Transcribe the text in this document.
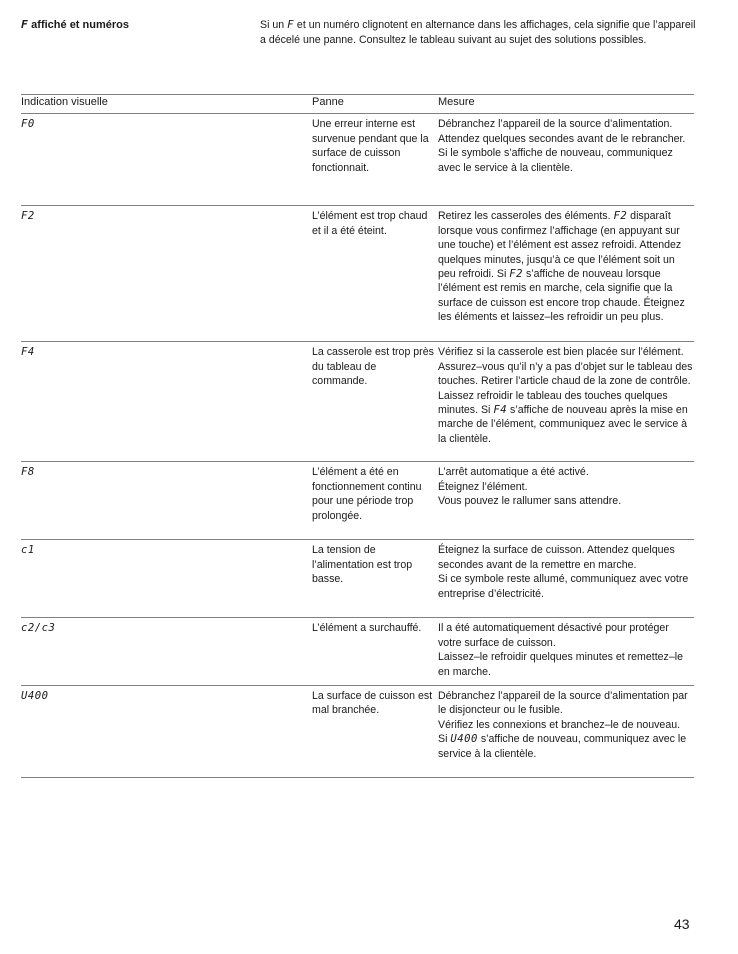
F affiché et numéros	Si un F et un numéro clignotent en alternance dans les affichages, cela signifie que l’appareil a décelé une panne. Consultez le tableau suivant au sujet des solutions possibles.
Indication visuelle	Panne	Mesure
F0	Une erreur interne est survenue pendant que la surface de cuisson fonctionnait.	Débranchez l’appareil de la source d’alimentation. Attendez quelques secondes avant de le rebrancher.
Si le symbole s’affiche de nouveau, communiquez avec le service à la clientèle.

F2	L’élément est trop chaud et il a été éteint.	Retirez les casseroles des éléments. F2 disparaît lorsque vous confirmez l’affichage (en appuyant sur une touche) et l’élément est assez refroidi. Attendez quelques minutes, jusqu’à ce que l’élément soit un peu refroidi. Si F2 s’affiche de nouveau lorsque l’élément est remis en marche, cela signifie que la surface de cuisson est encore trop chaude. Éteignez les éléments et laissez–les refroidir un peu plus.

F4	La casserole est trop près du tableau de commande.	Vérifiez si la casserole est bien placée sur l’élément. Assurez–vous qu’il n’y a pas d’objet sur le tableau des touches. Retirer l’article chaud de la zone de contrôle. Laissez refroidir le tableau des touches quelques minutes. Si F4 s’affiche de nouveau après la mise en marche de l’élément, communiquez avec le service à la clientèle.

F8	L’élément a été en fonctionnement continu pour une période trop prolongée.	L’arrêt automatique a été activé.
Éteignez l’élément.
Vous pouvez le rallumer sans attendre.

c1	La tension de l’alimentation est trop basse.	Éteignez la surface de cuisson. Attendez quelques secondes avant de la remettre en marche.
Si ce symbole reste allumé, communiquez avec votre entreprise d’électricité.

c2/c3	L’élément a surchauffé.	Il a été automatiquement désactivé pour protéger votre surface de cuisson.
Laissez–le refroidir quelques minutes et remettez–le en marche.

U400	La surface de cuisson est mal branchée.	Débranchez l’appareil de la source d’alimentation par le disjoncteur ou le fusible.
Vérifiez les connexions et branchez–le de nouveau.
Si U400 s’affiche de nouveau, communiquez avec le service à la clientèle.
43
